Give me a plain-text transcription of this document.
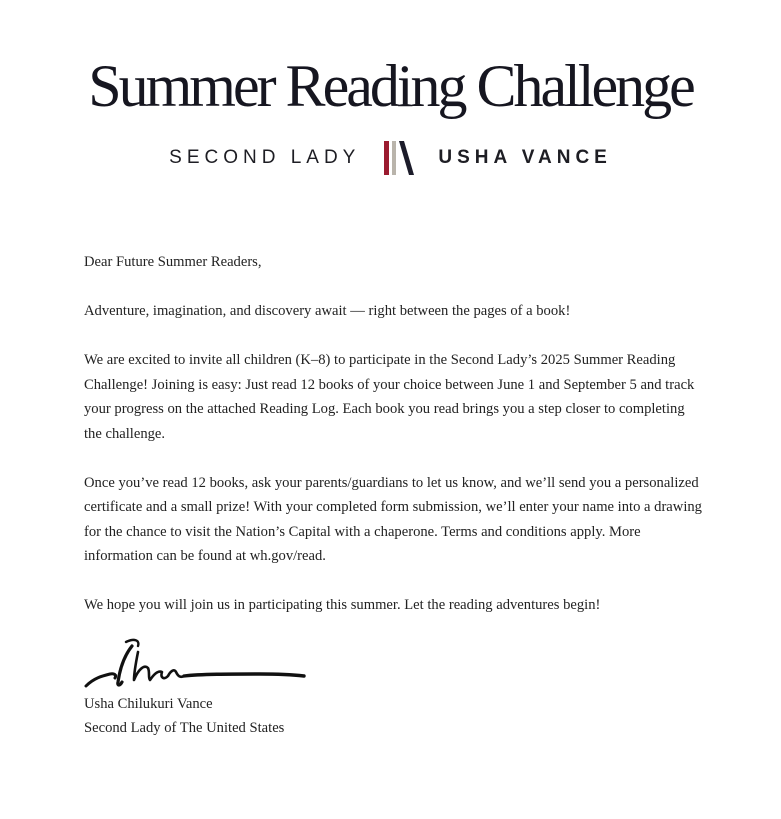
Summer Reading Challenge
SECOND LADY	USHA VANCE

Dear Future Summer Readers,

Adventure, imagination, and discovery await — right between the pages of a book!

We are excited to invite all children (K–8) to participate in the Second Lady’s 2025 Summer Reading Challenge! Joining is easy: Just read 12 books of your choice between June 1 and September 5 and track your progress on the attached Reading Log. Each book you read brings you a step closer to completing the challenge.

Once you’ve read 12 books, ask your parents/guardians to let us know, and we’ll send you a personalized certificate and a small prize! With your completed form submission, we’ll enter your name into a drawing for the chance to visit the Nation’s Capital with a chaperone. Terms and conditions apply. More information can be found at wh.gov/read.

We hope you will join us in participating this summer. Let the reading adventures begin!

Usha Chilukuri Vance
Second Lady of The United States
